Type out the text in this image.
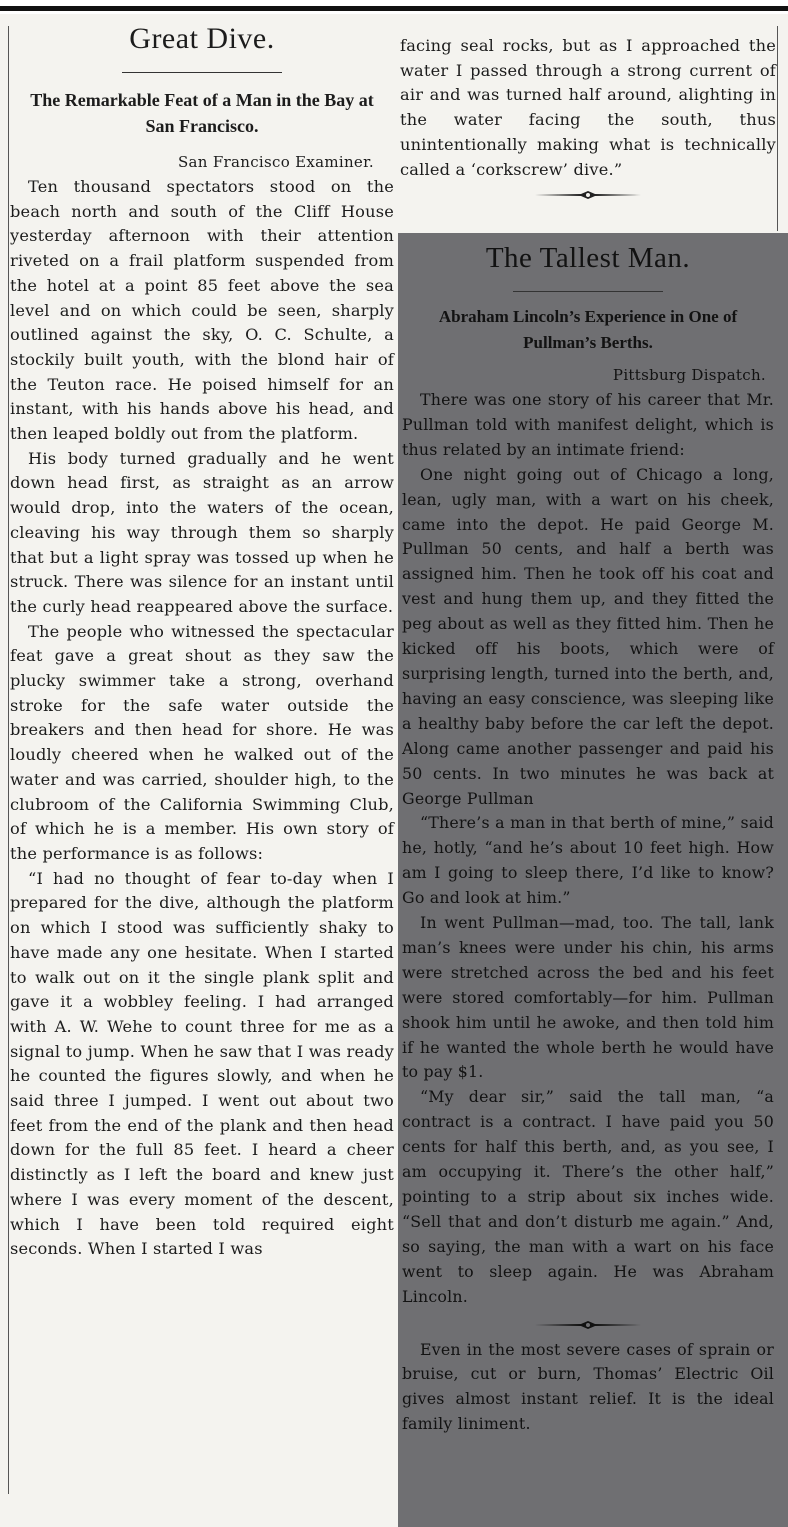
Great Dive.
The Remarkable Feat of a Man in the Bay at San Francisco.
San Francisco Examiner.

Ten thousand spectators stood on the beach north and south of the Cliff House yesterday afternoon with their attention riveted on a frail platform suspended from the hotel at a point 85 feet above the sea level and on which could be seen, sharply outlined against the sky, O. C. Schulte, a stockily built youth, with the blond hair of the Teuton race. He poised himself for an instant, with his hands above his head, and then leaped boldly out from the platform.

His body turned gradually and he went down head first, as straight as an arrow would drop, into the waters of the ocean, cleaving his way through them so sharply that but a light spray was tossed up when he struck. There was silence for an instant until the curly head reappeared above the surface.

The people who witnessed the spectacular feat gave a great shout as they saw the plucky swimmer take a strong, overhand stroke for the safe water outside the breakers and then head for shore. He was loudly cheered when he walked out of the water and was carried, shoulder high, to the clubroom of the California Swimming Club, of which he is a member. His own story of the performance is as follows:

“I had no thought of fear to-day when I prepared for the dive, although the platform on which I stood was sufficiently shaky to have made any one hesitate. When I started to walk out on it the single plank split and gave it a wobbley feeling. I had arranged with A. W. Wehe to count three for me as a signal to jump. When he saw that I was ready he counted the figures slowly, and when he said three I jumped. I went out about two feet from the end of the plank and then head down for the full 85 feet. I heard a cheer distinctly as I left the board and knew just where I was every moment of the descent, which I have been told required eight seconds. When I started I was

facing seal rocks, but as I approached the water I passed through a strong current of air and was turned half around, alighting in the water facing the south, thus unintentionally making what is technically called a ‘corkscrew’ dive.”

The Tallest Man.
Abraham Lincoln’s Experience in One of Pullman’s Berths.
Pittsburg Dispatch.

There was one story of his career that Mr. Pullman told with manifest delight, which is thus related by an intimate friend:

One night going out of Chicago a long, lean, ugly man, with a wart on his cheek, came into the depot. He paid George M. Pullman 50 cents, and half a berth was assigned him. Then he took off his coat and vest and hung them up, and they fitted the peg about as well as they fitted him. Then he kicked off his boots, which were of surprising length, turned into the berth, and, having an easy conscience, was sleeping like a healthy baby before the car left the depot. Along came another passenger and paid his 50 cents. In two minutes he was back at George Pullman

“There’s a man in that berth of mine,” said he, hotly, “and he’s about 10 feet high. How am I going to sleep there, I’d like to know? Go and look at him.”

In went Pullman—mad, too. The tall, lank man’s knees were under his chin, his arms were stretched across the bed and his feet were stored comfortably—for him. Pullman shook him until he awoke, and then told him if he wanted the whole berth he would have to pay $1.

“My dear sir,” said the tall man, “a contract is a contract. I have paid you 50 cents for half this berth, and, as you see, I am occupying it. There’s the other half,” pointing to a strip about six inches wide. “Sell that and don’t disturb me again.” And, so saying, the man with a wart on his face went to sleep again. He was Abraham Lincoln.

Even in the most severe cases of sprain or bruise, cut or burn, Thomas’ Electric Oil gives almost instant relief. It is the ideal family liniment.
